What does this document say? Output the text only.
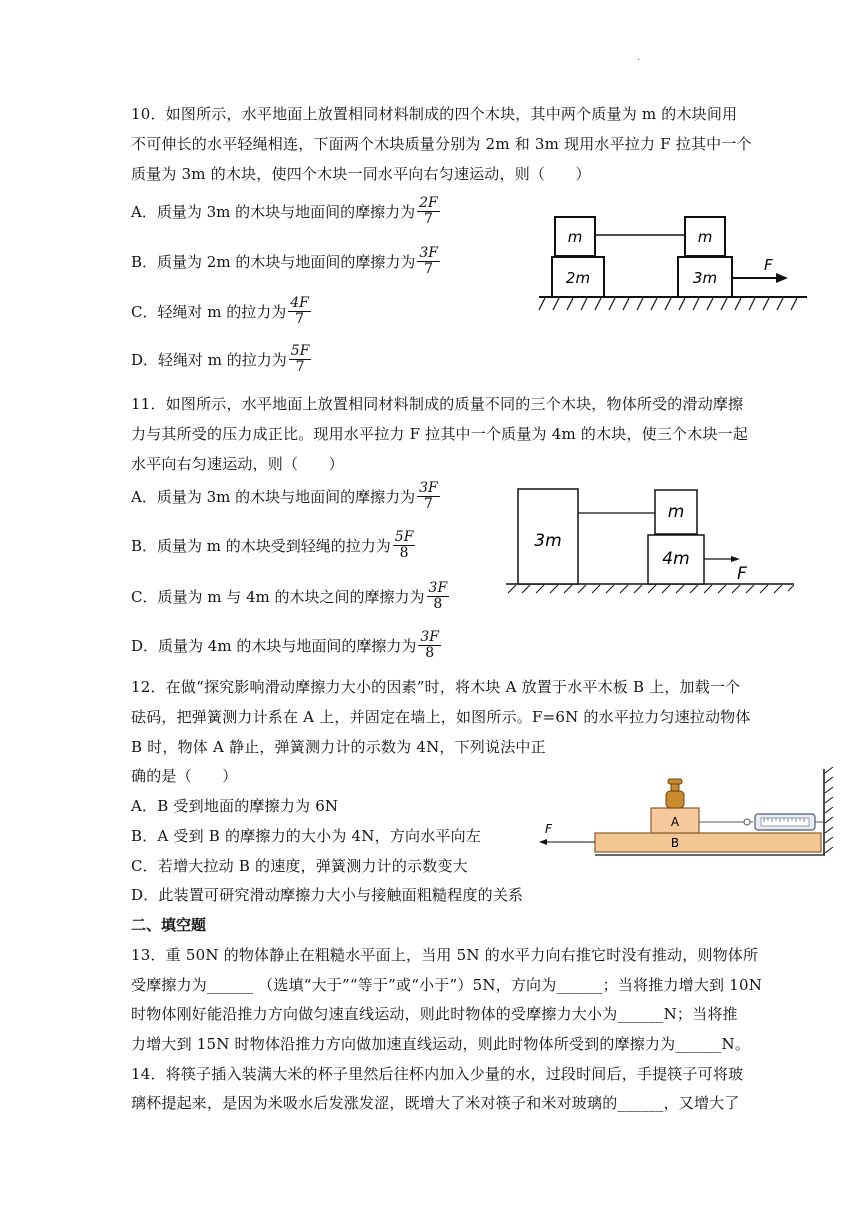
.
10．如图所示，水平地面上放置相同材料制成的四个木块，其中两个质量为 m 的木块间用
不可伸长的水平轻绳相连，下面两个木块质量分别为 2m 和 3m 现用水平拉力 F 拉其中一个
质量为 3m 的木块，使四个木块一同水平向右匀速运动，则（　　）
A．质量为 3m 的木块与地面间的摩擦力为 $\frac{2F}{7}$
B．质量为 2m 的木块与地面间的摩擦力为 $\frac{3F}{7}$
C．轻绳对 m 的拉力为 $\frac{4F}{7}$
D．轻绳对 m 的拉力为 $\frac{5F}{7}$
m	m
2m	3m
F
11．如图所示，水平地面上放置相同材料制成的质量不同的三个木块，物体所受的滑动摩擦
力与其所受的压力成正比。现用水平拉力 F 拉其中一个质量为 4m 的木块，使三个木块一起
水平向右匀速运动，则（　　）
A．质量为 3m 的木块与地面间的摩擦力为 $\frac{3F}{7}$
B．质量为 m 的木块受到轻绳的拉力为 $\frac{5F}{8}$
C．质量为 m 与 4m 的木块之间的摩擦力为 $\frac{3F}{8}$
D．质量为 4m 的木块与地面间的摩擦力为 $\frac{3F}{8}$
3m
m
4m
F
12．在做“探究影响滑动摩擦力大小的因素”时，将木块 A 放置于水平木板 B 上，加载一个
砝码，把弹簧测力计系在 A 上，并固定在墙上，如图所示。F=6N 的水平拉力匀速拉动物体
B 时，物体 A 静止，弹簧测力计的示数为 4N，下列说法中正
确的是（　　）
A．B 受到地面的摩擦力为 6N
B．A 受到 B 的摩擦力的大小为 4N，方向水平向左
C．若增大拉动 B 的速度，弹簧测力计的示数变大
D．此装置可研究滑动摩擦力大小与接触面粗糙程度的关系
F	A
B
二、填空题
13．重 50N 的物体静止在粗糙水平面上，当用 5N 的水平力向右推它时没有推动，则物体所
受摩擦力为______ （选填“大于”“等于”或“小于”）5N，方向为______；当将推力增大到 10N
时物体刚好能沿推力方向做匀速直线运动，则此时物体的受摩擦力大小为______N；当将推
力增大到 15N 时物体沿推力方向做加速直线运动，则此时物体所受到的摩擦力为______N。
14．将筷子插入装满大米的杯子里然后往杯内加入少量的水，过段时间后，手提筷子可将玻
璃杯提起来，是因为米吸水后发涨发涩，既增大了米对筷子和米对玻璃的______，又增大了
